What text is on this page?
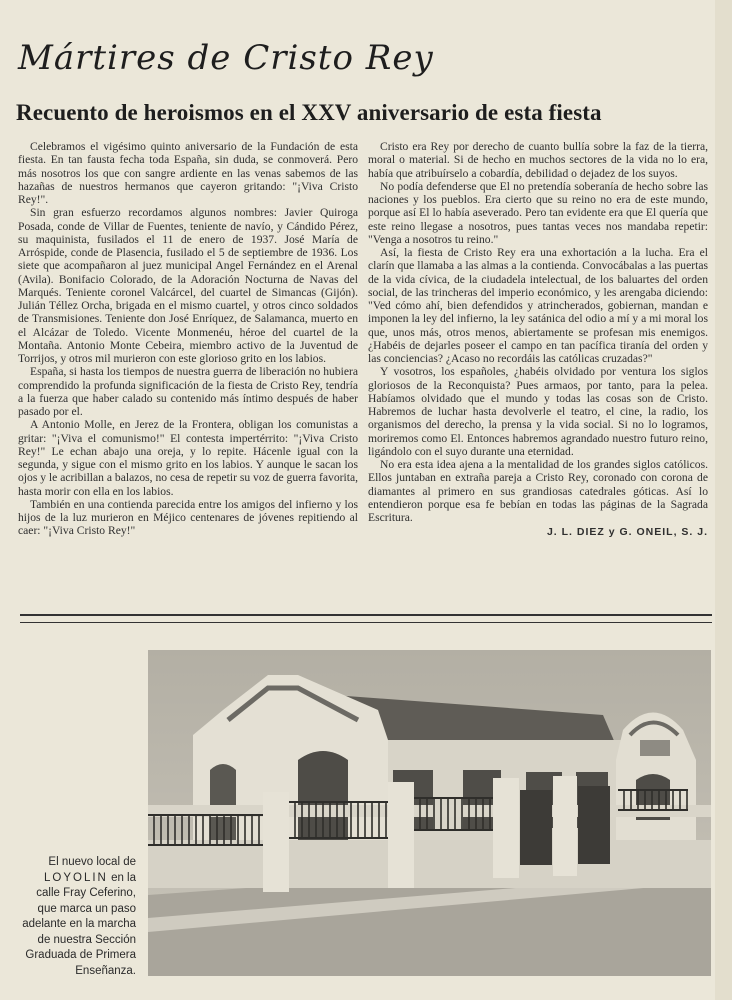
Mártires de Cristo Rey
Recuento de heroismos en el XXV aniversario de esta fiesta

Celebramos el vigésimo quinto aniversario de la Fundación de esta fiesta. En tan fausta fecha toda España, sin duda, se conmoverá. Pero más nosotros los que con sangre ardiente en las venas sabemos de las hazañas de nuestros hermanos que cayeron gritando: "¡Viva Cristo Rey!".

Sin gran esfuerzo recordamos algunos nombres: Javier Quiroga Posada, conde de Villar de Fuentes, teniente de navío, y Cándido Pérez, su maquinista, fusilados el 11 de enero de 1937. José María de Arróspide, conde de Plasencia, fusilado el 5 de septiembre de 1936. Los siete que acompañaron al juez municipal Angel Fernández en el Arenal (Avila). Bonifacio Colorado, de la Adoración Nocturna de Navas del Marqués. Teniente coronel Valcárcel, del cuartel de Simancas (Gijón). Julián Téllez Orcha, brigada en el mismo cuartel, y otros cinco soldados de Transmisiones. Teniente don José Enríquez, de Salamanca, muerto en el Alcázar de Toledo. Vicente Monmenéu, héroe del cuartel de la Montaña. Antonio Monte Cebeira, miembro activo de la Juventud de Torrijos, y otros mil murieron con este glorioso grito en los labios.

España, si hasta los tiempos de nuestra guerra de liberación no hubiera comprendido la profunda significación de la fiesta de Cristo Rey, tendría a la fuerza que haber calado su contenido más íntimo después de haber pasado por el.

A Antonio Molle, en Jerez de la Frontera, obligan los comunistas a gritar: "¡Viva el comunismo!" El contesta impertérrito: "¡Viva Cristo Rey!" Le echan abajo una oreja, y lo repite. Hácenle igual con la segunda, y sigue con el mismo grito en los labios. Y aunque le sacan los ojos y le acribillan a balazos, no cesa de repetir su voz de guerra favorita, hasta morir con ella en los labios.

También en una contienda parecida entre los amigos del infierno y los hijos de la luz murieron en Méjico centenares de jóvenes repitiendo al caer: "¡Viva Cristo Rey!"

Cristo era Rey por derecho de cuanto bullía sobre la faz de la tierra, moral o material. Si de hecho en muchos sectores de la vida no lo era, había que atribuírselo a cobardía, debilidad o dejadez de los suyos.

No podía defenderse que El no pretendía soberanía de hecho sobre las naciones y los pueblos. Era cierto que su reino no era de este mundo, porque así El lo había aseverado. Pero tan evidente era que El quería que este reino llegase a nosotros, pues tantas veces nos mandaba repetir: "Venga a nosotros tu reino."

Así, la fiesta de Cristo Rey era una exhortación a la lucha. Era el clarín que llamaba a las almas a la contienda. Convocábalas a las puertas de la vida cívica, de la ciudadela intelectual, de los baluartes del orden social, de las trincheras del imperio económico, y les arengaba diciendo: "Ved cómo ahí, bien defendidos y atrincherados, gobiernan, mandan e imponen la ley del infierno, la ley satánica del odio a mí y a mi moral los que, unos más, otros menos, abiertamente se profesan mis enemigos. ¿Habéis de dejarles poseer el campo en tan pacífica tiranía del orden y las conciencias? ¿Acaso no recordáis las católicas cruzadas?"

Y vosotros, los españoles, ¿habéis olvidado por ventura los siglos gloriosos de la Reconquista? Pues armaos, por tanto, para la pelea. Habíamos olvidado que el mundo y todas las cosas son de Cristo. Habremos de luchar hasta devolverle el teatro, el cine, la radio, los organismos del derecho, la prensa y la vida social. Si no lo logramos, moriremos como El. Entonces habremos agrandado nuestro futuro reino, ligándolo con el suyo durante una eternidad.

No era esta idea ajena a la mentalidad de los grandes siglos católicos. Ellos juntaban en extraña pareja a Cristo Rey, coronado con corona de diamantes al primero en sus grandiosas catedrales góticas. Así lo entendieron porque esa fe bebían en todas las páginas de la Sagrada Escritura.

J. L. DIEZ y G. ONEIL, S. J.
El nuevo local de LOYOLIN en la calle Fray Ceferino, que marca un paso adelante en la marcha de nuestra Sección Graduada de Primera Enseñanza.
